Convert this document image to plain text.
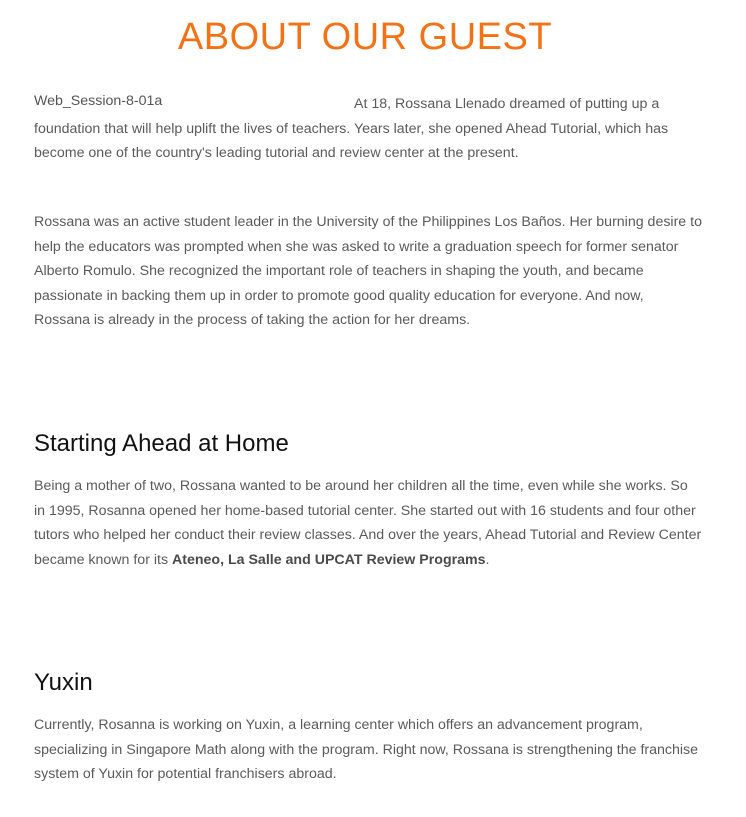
ABOUT OUR GUEST

Web_Session-8-01a	At 18, Rossana Llenado dreamed of putting up a foundation that will help uplift the lives of teachers. Years later, she opened Ahead Tutorial, which has become one of the country's leading tutorial and review center at the present.

Rossana was an active student leader in the University of the Philippines Los Baños. Her burning desire to help the educators was prompted when she was asked to write a graduation speech for former senator Alberto Romulo. She recognized the important role of teachers in shaping the youth, and became passionate in backing them up in order to promote good quality education for everyone. And now, Rossana is already in the process of taking the action for her dreams.

Starting Ahead at Home

Being a mother of two, Rossana wanted to be around her children all the time, even while she works. So in 1995, Rosanna opened her home-based tutorial center. She started out with 16 students and four other tutors who helped her conduct their review classes. And over the years, Ahead Tutorial and Review Center became known for its Ateneo, La Salle and UPCAT Review Programs.

Yuxin

Currently, Rosanna is working on Yuxin, a learning center which offers an advancement program, specializing in Singapore Math along with the program. Right now, Rossana is strengthening the franchise system of Yuxin for potential franchisers abroad.
